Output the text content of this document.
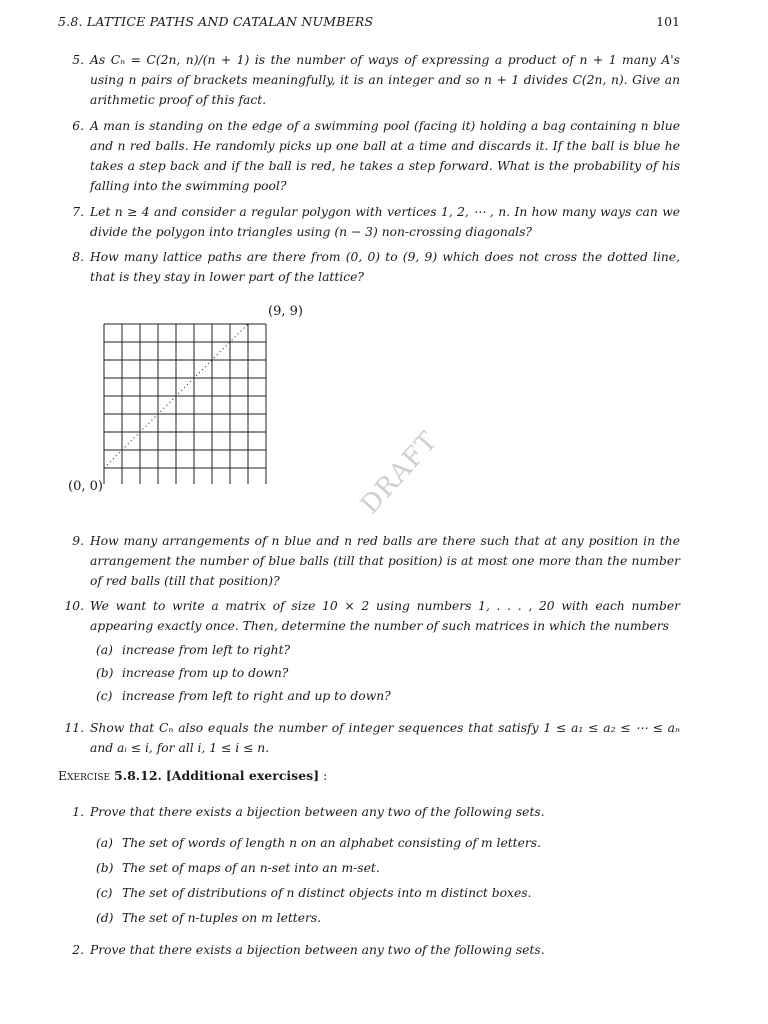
5.8. LATTICE PATHS AND CATALAN NUMBERS	101
5. As Cₙ = C(2n, n)/(n + 1) is the number of ways of expressing a product of n + 1 many A's using n pairs of brackets meaningfully, it is an integer and so n + 1 divides C(2n, n). Give an arithmetic proof of this fact.
6. A man is standing on the edge of a swimming pool (facing it) holding a bag containing n blue and n red balls. He randomly picks up one ball at a time and discards it. If the ball is blue he takes a step back and if the ball is red, he takes a step forward. What is the probability of his falling into the swimming pool?
7. Let n ≥ 4 and consider a regular polygon with vertices 1, 2, ⋯ , n. In how many ways can we divide the polygon into triangles using (n − 3) non-crossing diagonals?
8. How many lattice paths are there from (0, 0) to (9, 9) which does not cross the dotted line, that is they stay in lower part of the lattice?
(9, 9)
(0, 0)	DRAFT
9. How many arrangements of n blue and n red balls are there such that at any position in the arrangement the number of blue balls (till that position) is at most one more than the number of red balls (till that position)?
10. We want to write a matrix of size 10 × 2 using numbers 1, . . . , 20 with each number appearing exactly once. Then, determine the number of such matrices in which the numbers
(a) increase from left to right?
(b) increase from up to down?
(c) increase from left to right and up to down?
11. Show that Cₙ also equals the number of integer sequences that satisfy 1 ≤ a₁ ≤ a₂ ≤ ⋯ ≤ aₙ and aᵢ ≤ i, for all i, 1 ≤ i ≤ n.
Exercise 5.8.12. [Additional exercises] :
1. Prove that there exists a bijection between any two of the following sets.
(a) The set of words of length n on an alphabet consisting of m letters.
(b) The set of maps of an n-set into an m-set.
(c) The set of distributions of n distinct objects into m distinct boxes.
(d) The set of n-tuples on m letters.
2. Prove that there exists a bijection between any two of the following sets.
